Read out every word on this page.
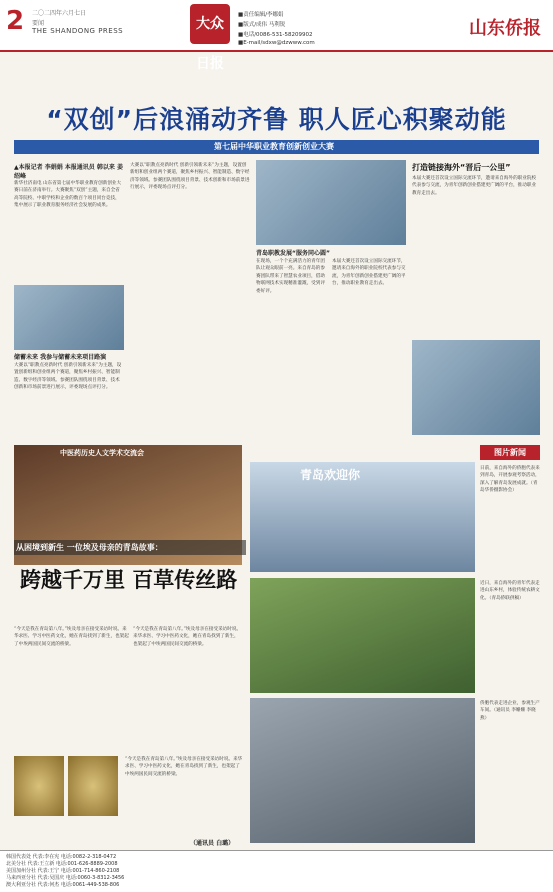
2 二〇二四年六月七日
要闻
THE SHANDONG PRESS	大众日报
■责任编辑/李娜娟
■版式/成伟 马利锐
■电话/0086-531-58209902
■E-mail/sdxw@dzwww.com
山东侨报
“双创”后浪涌动齐鲁 职人匠心积聚动能
第七届中华职业教育创新创业大赛
▲本报记者 李娟娟 本报通讯员 韩以来 姜绍峰
新华社济南电 山东省第七届中华职业教育创新创业大赛日前在济南举行。大赛聚焦“双创”主题，来自全省高等院校、中职学校和企业的数百个项目同台竞技，集中展示了职业教育服务经济社会发展的成果。
储蓄未来 我参与储蓄未来项目路演
大赛以“职教点亮新时代 创新引领新未来”为主题，设置创新组和创业组两个赛道，聚焦乡村振兴、智能制造、数字经济等领域。参赛团队围绕项目背景、技术创新和市场前景进行展示，评委现场点评打分。
大赛以“职教点亮新时代 创新引领新未来”为主题，设置创新组和创业组两个赛道，聚焦乡村振兴、智能制造、数字经济等领域。参赛团队围绕项目背景、技术创新和市场前景进行展示，评委现场点评打分。
青岛职教发展“服务同心圆”
在现场，一个个充满活力的青年团队让观众眼前一亮。来自青岛的参赛团队带来了智慧农业项目，借助物联网技术实现精准灌溉，受到评委好评。
本届大赛还首次设立国际交流环节，邀请来自海外的职业院校代表参与交流，为青年创新创业搭建更广阔的平台，推动职业教育走出去。
打造链接海外“晋后一公里”
本届大赛还首次设立国际交流环节，邀请来自海外的职业院校代表参与交流，为青年创新创业搭建更广阔的平台，推动职业教育走出去。
中医药历史人文学术交流会
从困境到新生 一位埃及母亲的青岛故事：
跨越千万里 百草传丝路
“今天是我在青岛第八年。”埃及母亲在接受采访时说。来华求医、学习中医药文化，她在青岛找到了新生，也架起了中埃两国民间交流的桥梁。
“今天是我在青岛第八年。”埃及母亲在接受采访时说。来华求医、学习中医药文化，她在青岛找到了新生，也架起了中埃两国民间交流的桥梁。
“今天是我在青岛第八年。”埃及母亲在接受采访时说。来华求医、学习中医药文化，她在青岛找到了新生，也架起了中埃两国民间交流的桥梁。
（通讯员 白璐）
图片新闻
青岛欢迎你	日前，来自海外的侨胞代表来到青岛，开展参观考察活动，深入了解青岛发展成就。（青岛华侨摄影协会）
近日，来自海外的青年代表走进山东乡村，体验传统农耕文化。（青岛侨联供稿）
侨胞代表走进企业，参观生产车间。（通讯员 李姗姗 李晓燕）
韩国代表处 代表:李在宪 电话:0082-2-318-0472
北美分社 代表:王立新 电话:001-626-8889-2008
美国加州分社 代表:王宁 电话:001-714-860-2108
马来西亚分社 代表:吴国庆 电话:0060-3-8312-3456
澳大利亚分社 代表:何杰 电话:0061-449-538-806
